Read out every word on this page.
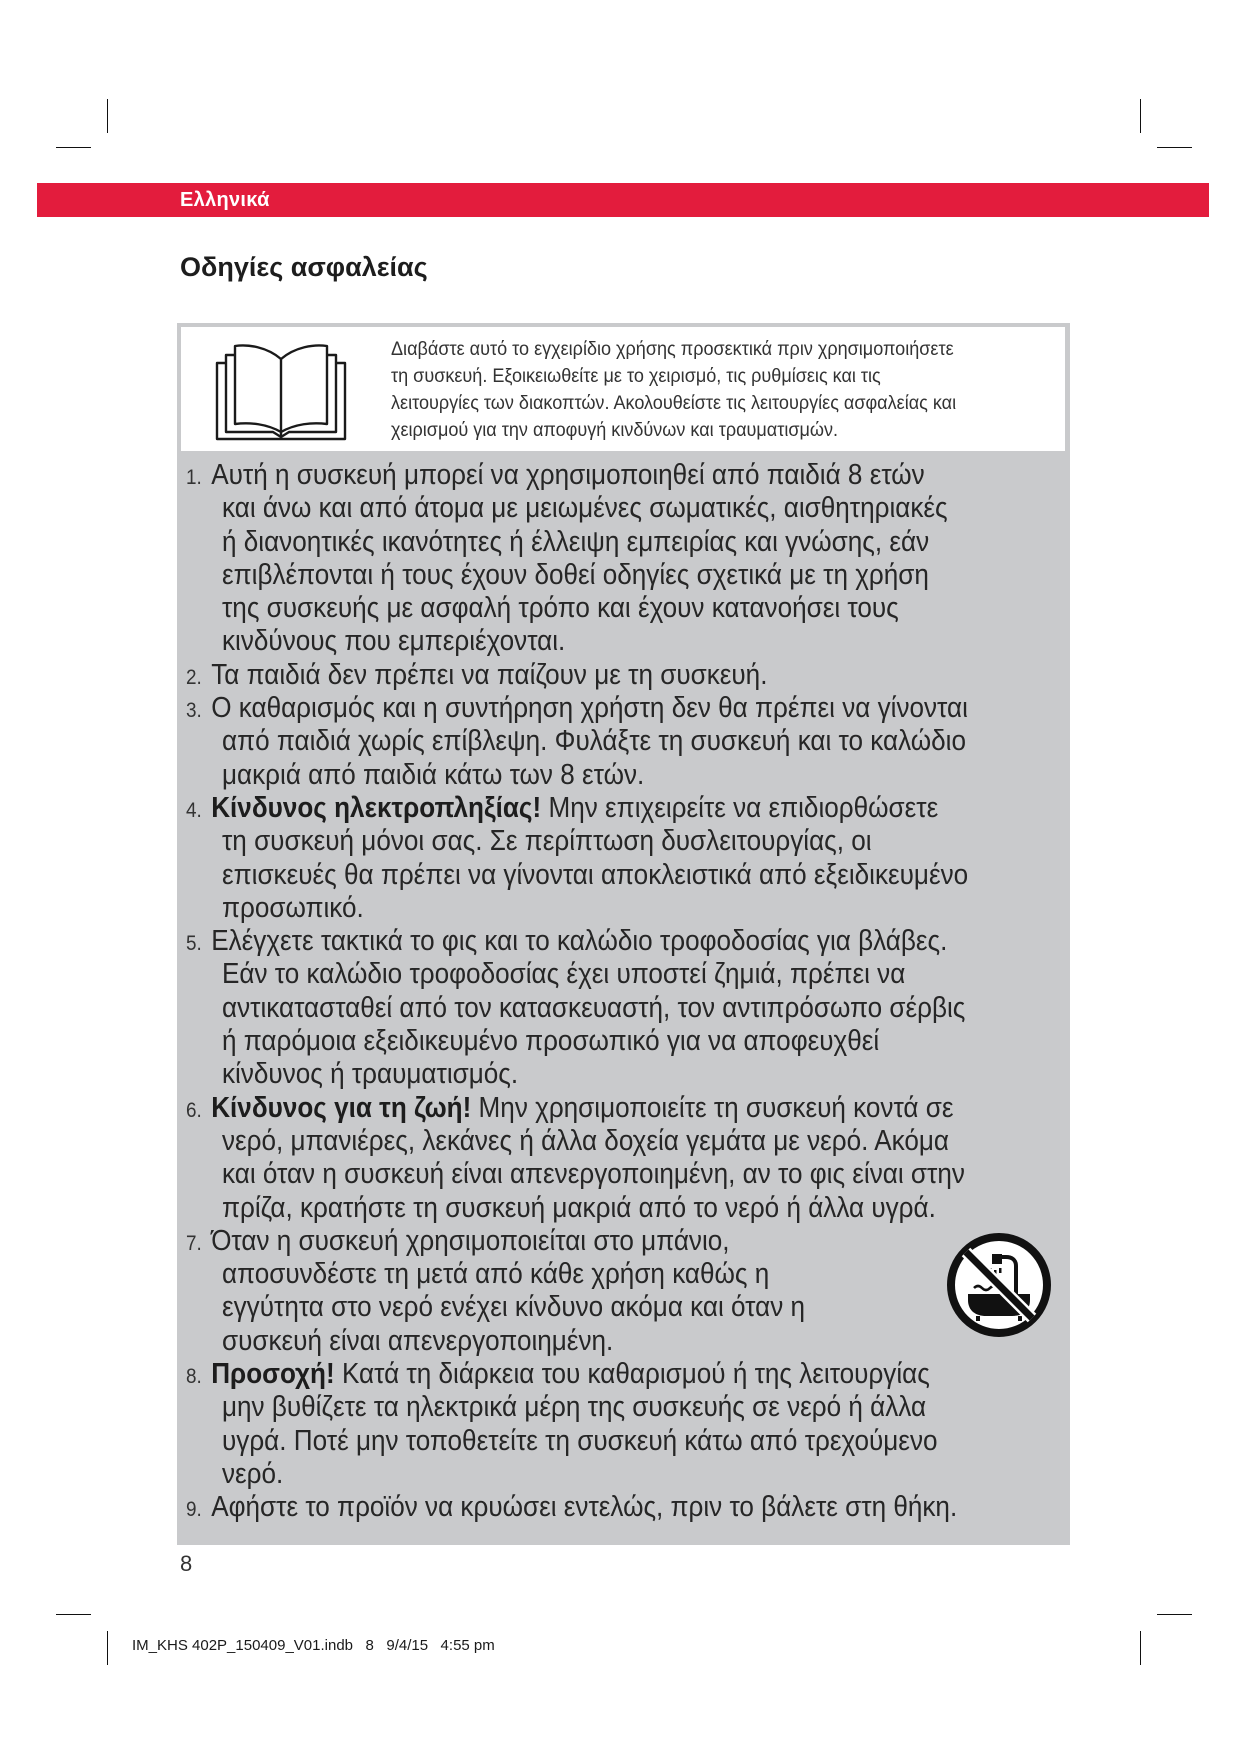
Ελληνικά
Οδηγίες ασφαλείας
Διαβάστε αυτό το εγχειρίδιο χρήσης προσεκτικά πριν χρησιμοποιήσετε
τη συσκευή. Εξοικειωθείτε με το χειρισμό, τις ρυθμίσεις και τις
λειτουργίες των διακοπτών. Ακολουθείστε τις λειτουργίες ασφαλείας και
χειρισμού για την αποφυγή κινδύνων και τραυματισμών.
1. Αυτή η συσκευή μπορεί να χρησιμοποιηθεί από παιδιά 8 ετών
και άνω και από άτομα με μειωμένες σωματικές, αισθητηριακές
ή διανοητικές ικανότητες ή έλλειψη εμπειρίας και γνώσης, εάν
επιβλέπονται ή τους έχουν δοθεί οδηγίες σχετικά με τη χρήση
της συσκευής με ασφαλή τρόπο και έχουν κατανοήσει τους
κινδύνους που εμπεριέχονται.
2. Τα παιδιά δεν πρέπει να παίζουν με τη συσκευή.
3. Ο καθαρισμός και η συντήρηση χρήστη δεν θα πρέπει να γίνονται
από παιδιά χωρίς επίβλεψη. Φυλάξτε τη συσκευή και το καλώδιο
μακριά από παιδιά κάτω των 8 ετών.
4. Κίνδυνος ηλεκτροπληξίας! Μην επιχειρείτε να επιδιορθώσετε
τη συσκευή μόνοι σας. Σε περίπτωση δυσλειτουργίας, οι
επισκευές θα πρέπει να γίνονται αποκλειστικά από εξειδικευμένο
προσωπικό.
5. Ελέγχετε τακτικά το φις και το καλώδιο τροφοδοσίας για βλάβες.
Εάν το καλώδιο τροφοδοσίας έχει υποστεί ζημιά, πρέπει να
αντικατασταθεί από τον κατασκευαστή, τον αντιπρόσωπο σέρβις
ή παρόμοια εξειδικευμένο προσωπικό για να αποφευχθεί
κίνδυνος ή τραυματισμός.
6. Κίνδυνος για τη ζωή! Μην χρησιμοποιείτε τη συσκευή κοντά σε
νερό, μπανιέρες, λεκάνες ή άλλα δοχεία γεμάτα με νερό. Ακόμα
και όταν η συσκευή είναι απενεργοποιημένη, αν το φις είναι στην
πρίζα, κρατήστε τη συσκευή μακριά από το νερό ή άλλα υγρά.
7. Όταν η συσκευή χρησιμοποιείται στο μπάνιο,
αποσυνδέστε τη μετά από κάθε χρήση καθώς η
εγγύτητα στο νερό ενέχει κίνδυνο ακόμα και όταν η
συσκευή είναι απενεργοποιημένη.
8. Προσοχή! Κατά τη διάρκεια του καθαρισμού ή της λειτουργίας
μην βυθίζετε τα ηλεκτρικά μέρη της συσκευής σε νερό ή άλλα
υγρά. Ποτέ μην τοποθετείτε τη συσκευή κάτω από τρεχούμενο
νερό.
9. Αφήστε το προϊόν να κρυώσει εντελώς, πριν το βάλετε στη θήκη.
8
IM_KHS 402P_150409_V01.indb   8   9/4/15   4:55 pm
